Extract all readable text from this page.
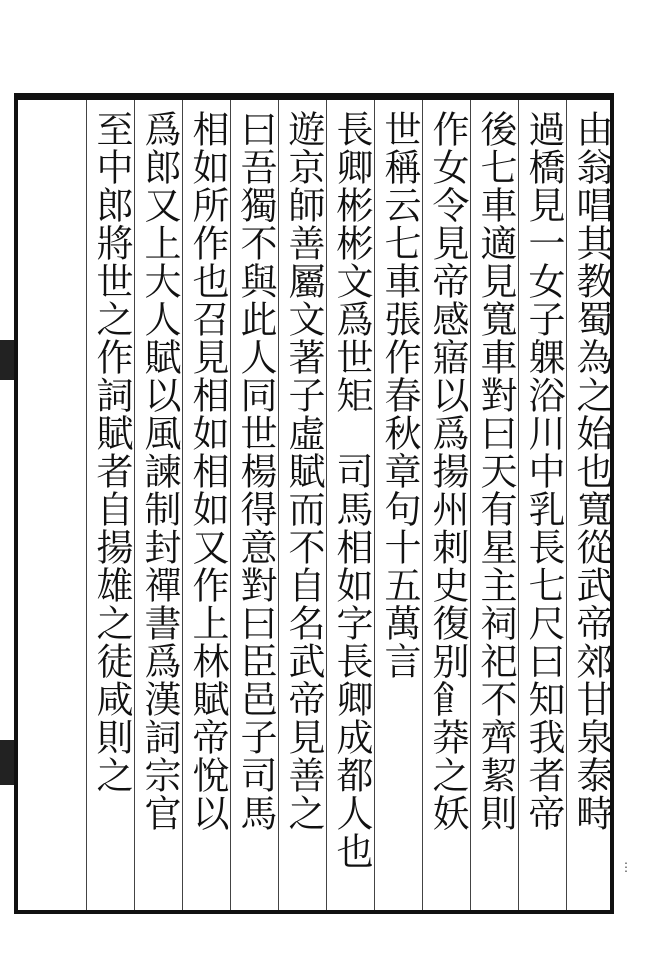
由翁唱其教蜀為之始也寬從武帝郊甘泉泰畤
過橋見一女子躶浴川中乳長七尺曰知我者帝
後七車適見寬車對曰天有星主祠祀不齊絜則
作女令見帝感寤以爲揚州刺史復别𩙿莽之妖
世稱云七車張作春秋章句十五萬言
長卿彬彬文爲世矩　司馬相如字長卿成都人也
遊京師善屬文著子虛賦而不自名武帝見善之
曰吾獨不與此人同世楊得意對曰臣邑子司馬
相如所作也召見相如相如又作上林賦帝悅以
爲郎又上大人賦以風諫制封禪書爲漢詞宗官
至中郎將世之作詞賦者自揚雄之徒咸則之
⋮
